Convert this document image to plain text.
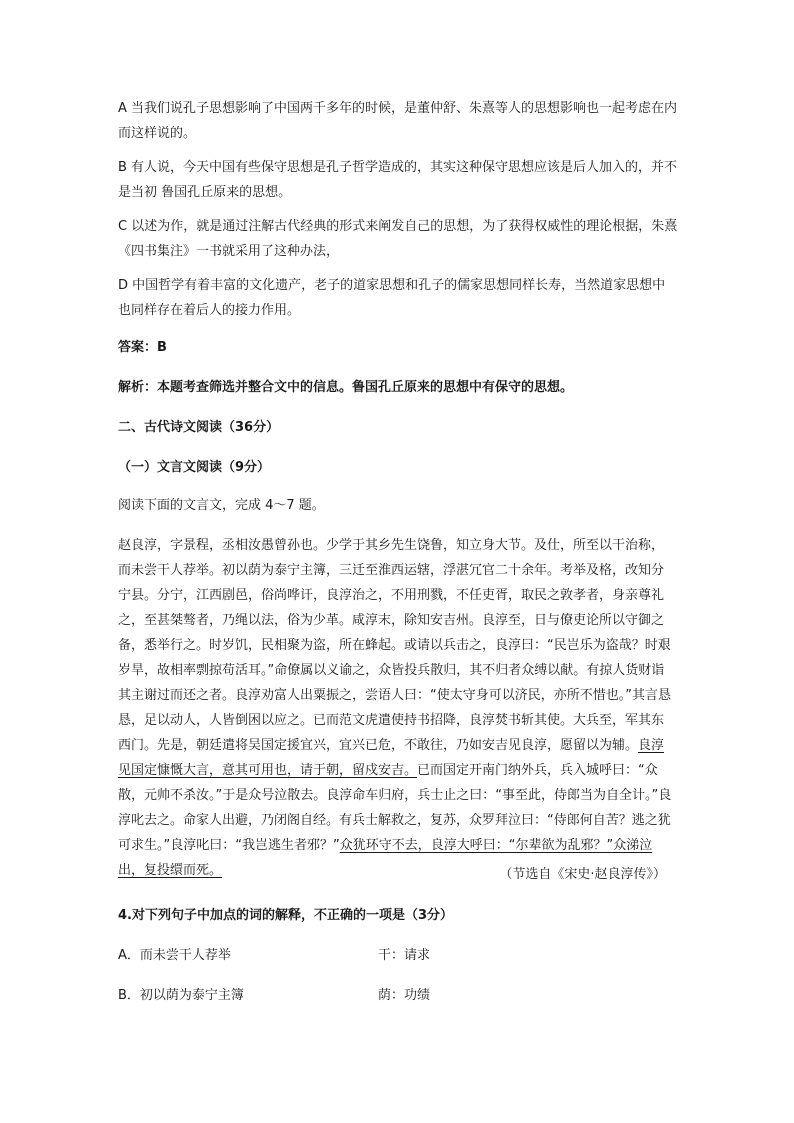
A 当我们说孔子思想影响了中国两千多年的时候，是董仲舒、朱熹等人的思想影响也一起考虑在内而这样说的。

B 有人说，今天中国有些保守思想是孔子哲学造成的，其实这种保守思想应该是后人加入的，并不是当初 鲁国孔丘原来的思想。

C 以述为作，就是通过注解古代经典的形式来阐发自己的思想，为了获得权威性的理论根据，朱熹《四书集注》一书就采用了这种办法，

D 中国哲学有着丰富的文化遗产，老子的道家思想和孔子的儒家思想同样长寿，当然道家思想中也同样存在着后人的接力作用。

答案：B

解析：本题考查筛选并整合文中的信息。鲁国孔丘原来的思想中有保守的思想。

二、古代诗文阅读（36分）

（一）文言文阅读（9分）

阅读下面的文言文，完成 4～7 题。

赵良淳，字景程，丞相汝愚曾孙也。少学于其乡先生饶鲁，知立身大节。及仕，所至以干治称，而未尝干人荐举。初以荫为泰宁主簿，三迁至淮西运辖，浮湛冗官二十余年。考举及格，改知分宁县。分宁，江西剧邑，俗尚哗讦，良淳治之，不用刑戮，不任吏胥，取民之敦孝者，身亲尊礼之，至甚桀骜者，乃绳以法，俗为少革。咸淳末，除知安吉州。良淳至，日与僚吏论所以守御之备，悉举行之。时岁饥，民相聚为盗，所在蜂起。或请以兵击之，良淳曰：“民岂乐为盗哉？时艰岁旱，故相率剽掠苟活耳。”命僚属以义谕之，众皆投兵散归，其不归者众缚以献。有掠人货财诣其主谢过而还之者。良淳劝富人出粟振之，尝语人曰：“使太守身可以济民，亦所不惜也。”其言恳恳，足以动人，人皆倒困以应之。已而范文虎遣使持书招降，良淳焚书斩其使。大兵至，军其东西门。先是，朝廷遣将吴国定援宜兴，宜兴已危，不敢往，乃如安吉见良淳，愿留以为辅。良淳见国定慷慨大言，意其可用也，请于朝，留戍安吉。已而国定开南门纳外兵，兵入城呼曰：“众散，元帅不杀汝。”于是众号泣散去。良淳命车归府，兵士止之曰：“事至此，侍郎当为自全计。”良淳叱去之。命家人出避，乃闭阁自经。有兵士解救之，复苏，众罗拜泣曰：“侍郎何自苦？逃之犹可求生。”良淳叱曰：“我岂逃生者邪？”众犹环守不去，良淳大呼曰：“尔辈欲为乱邪？”众涕泣出，复投缳而死。	（节选自《宋史·赵良淳传》）

4.对下列句子中加点的词的解释，不正确的一项是（3分）

A．而未尝干人荐举	干：请求

B．初以荫为泰宁主簿	荫：功绩
